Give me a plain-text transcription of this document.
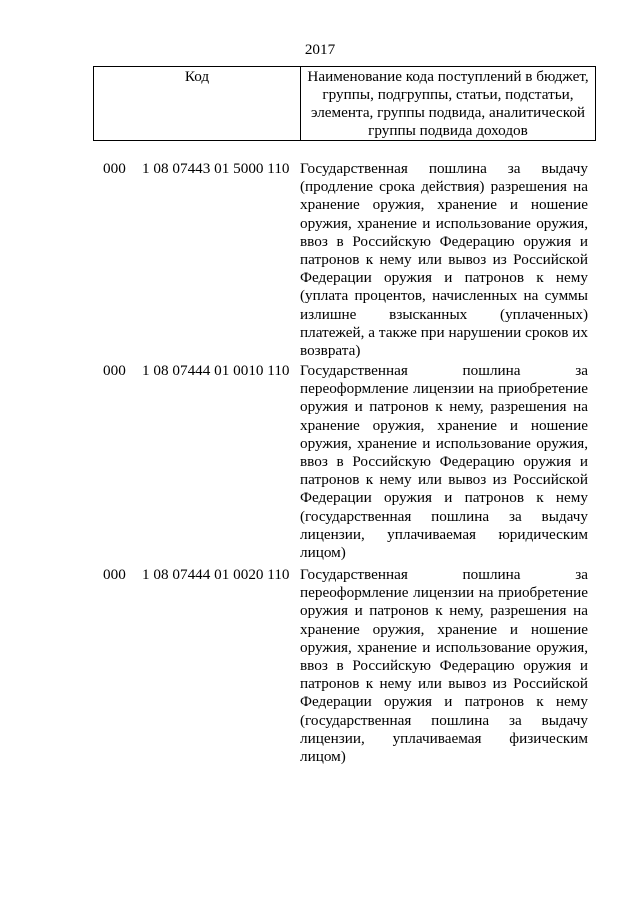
2017
Код	Наименование кода поступлений в бюджет, группы, подгруппы, статьи, подстатьи, элемента, группы подвида, аналитической группы подвида доходов
000 1 08 07443 01 5000 110 Государственная пошлина за выдачу (продление срока действия) разрешения на хранение оружия, хранение и ношение оружия, хранение и использование оружия, ввоз в Российскую Федерацию оружия и патронов к нему или вывоз из Российской Федерации оружия и патронов к нему (уплата процентов, начисленных на суммы излишне взысканных (уплаченных) платежей, а также при нарушении сроков их возврата)
000 1 08 07444 01 0010 110 Государственная пошлина за переоформление лицензии на приобретение оружия и патронов к нему, разрешения на хранение оружия, хранение и ношение оружия, хранение и использование оружия, ввоз в Российскую Федерацию оружия и патронов к нему или вывоз из Российской Федерации оружия и патронов к нему (государственная пошлина за выдачу лицензии, уплачиваемая юридическим лицом)
000 1 08 07444 01 0020 110 Государственная пошлина за переоформление лицензии на приобретение оружия и патронов к нему, разрешения на хранение оружия, хранение и ношение оружия, хранение и использование оружия, ввоз в Российскую Федерацию оружия и патронов к нему или вывоз из Российской Федерации оружия и патронов к нему (государственная пошлина за выдачу лицензии, уплачиваемая физическим лицом)
